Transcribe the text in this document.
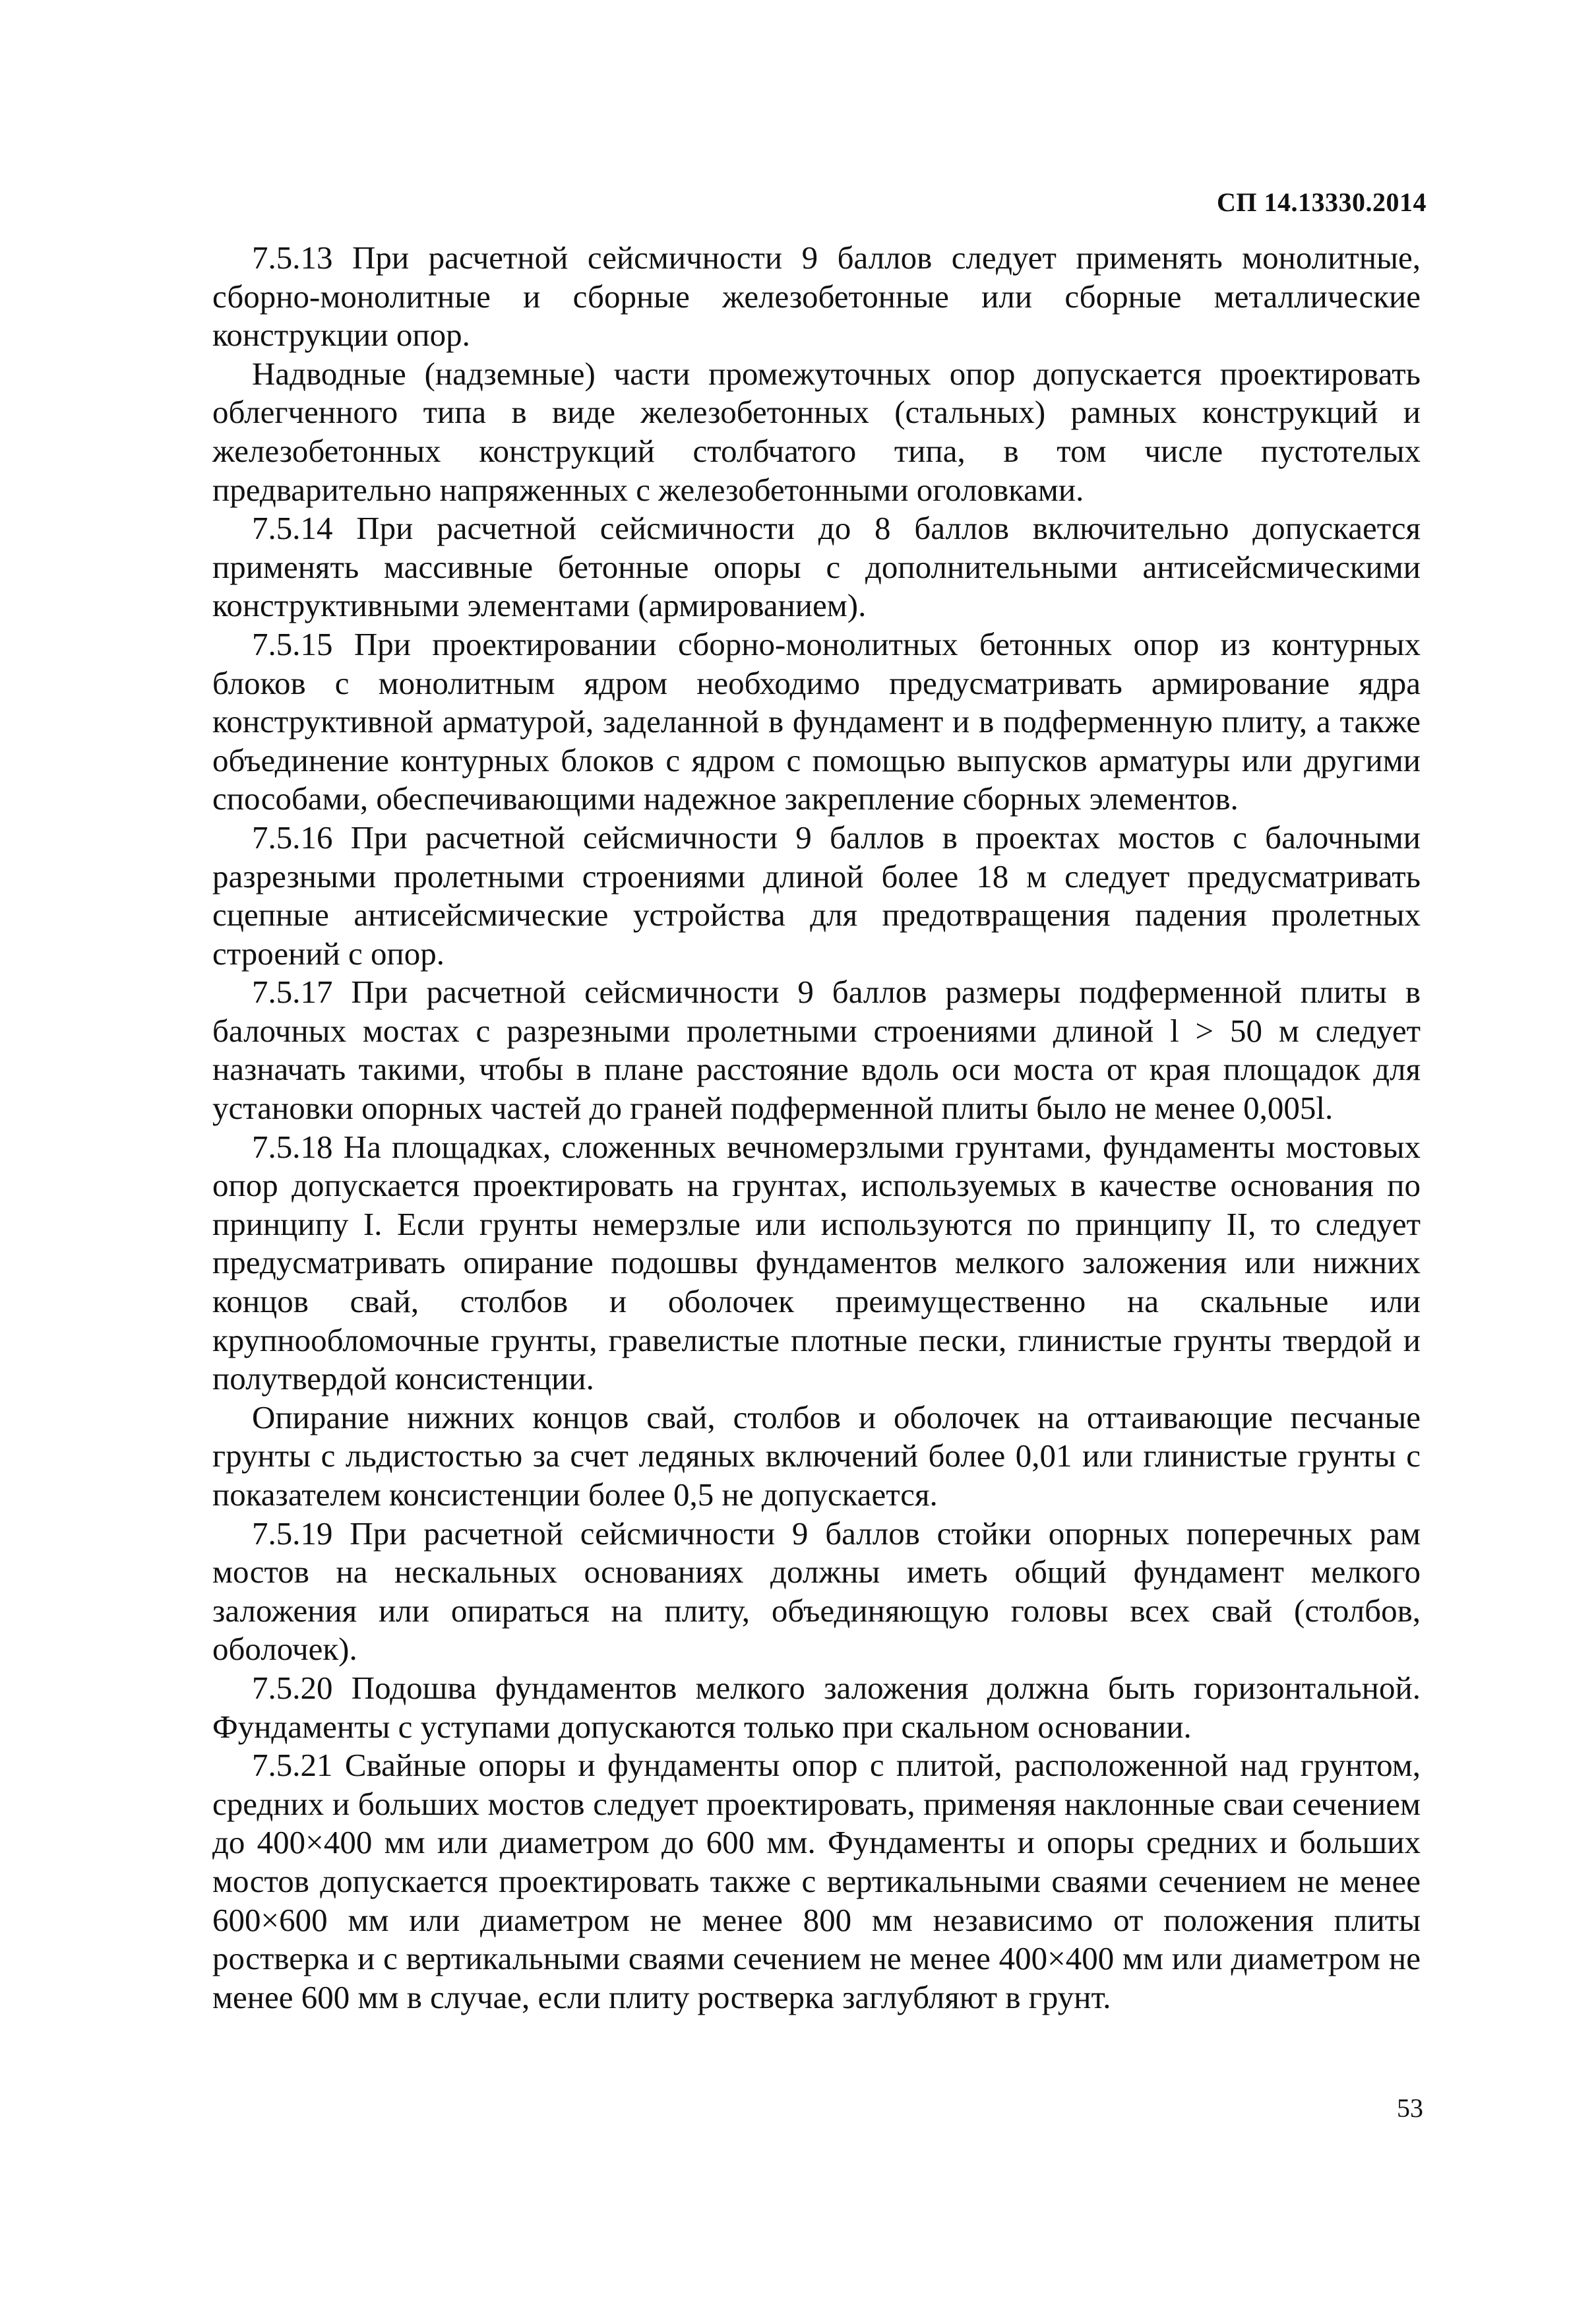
СП 14.13330.2014

7.5.13 При расчетной сейсмичности 9 баллов следует применять монолитные, сборно-монолитные и сборные железобетонные или сборные металлические конструкции опор.

Надводные (надземные) части промежуточных опор допускается проектировать облегченного типа в виде железобетонных (стальных) рамных конструкций и железобетонных конструкций столбчатого типа, в том числе пустотелых предварительно напряженных с железобетонными оголовками.

7.5.14 При расчетной сейсмичности до 8 баллов включительно допускается применять массивные бетонные опоры с дополнительными антисейсмическими конструктивными элементами (армированием).

7.5.15 При проектировании сборно-монолитных бетонных опор из контурных блоков с монолитным ядром необходимо предусматривать армирование ядра конструктивной арматурой, заделанной в фундамент и в подферменную плиту, а также объединение контурных блоков с ядром с помощью выпусков арматуры или другими способами, обеспечивающими надежное закрепление сборных элементов.

7.5.16 При расчетной сейсмичности 9 баллов в проектах мостов с балочными разрезными пролетными строениями длиной более 18 м следует предусматривать сцепные антисейсмические устройства для предотвращения падения пролетных строений с опор.

7.5.17 При расчетной сейсмичности 9 баллов размеры подферменной плиты в балочных мостах с разрезными пролетными строениями длиной l > 50 м следует назначать такими, чтобы в плане расстояние вдоль оси моста от края площадок для установки опорных частей до граней подферменной плиты было не менее 0,005l.

7.5.18 На площадках, сложенных вечномерзлыми грунтами, фундаменты мостовых опор допускается проектировать на грунтах, используемых в качестве основания по принципу I. Если грунты немерзлые или используются по принципу II, то следует предусматривать опирание подошвы фундаментов мелкого заложения или нижних концов свай, столбов и оболочек преимущественно на скальные или крупнообломочные грунты, гравелистые плотные пески, глинистые грунты твердой и полутвердой консистенции.

Опирание нижних концов свай, столбов и оболочек на оттаивающие песчаные грунты с льдистостью за счет ледяных включений более 0,01 или глинистые грунты с показателем консистенции более 0,5 не допускается.

7.5.19 При расчетной сейсмичности 9 баллов стойки опорных поперечных рам мостов на нескальных основаниях должны иметь общий фундамент мелкого заложения или опираться на плиту, объединяющую головы всех свай (столбов, оболочек).

7.5.20 Подошва фундаментов мелкого заложения должна быть горизонтальной. Фундаменты с уступами допускаются только при скальном основании.

7.5.21 Свайные опоры и фундаменты опор с плитой, расположенной над грунтом, средних и больших мостов следует проектировать, применяя наклонные сваи сечением до 400×400 мм или диаметром до 600 мм. Фундаменты и опоры средних и больших мостов допускается проектировать также с вертикальными сваями сечением не менее 600×600 мм или диаметром не менее 800 мм независимо от положения плиты ростверка и с вертикальными сваями сечением не менее 400×400 мм или диаметром не менее 600 мм в случае, если плиту ростверка заглубляют в грунт.

53
